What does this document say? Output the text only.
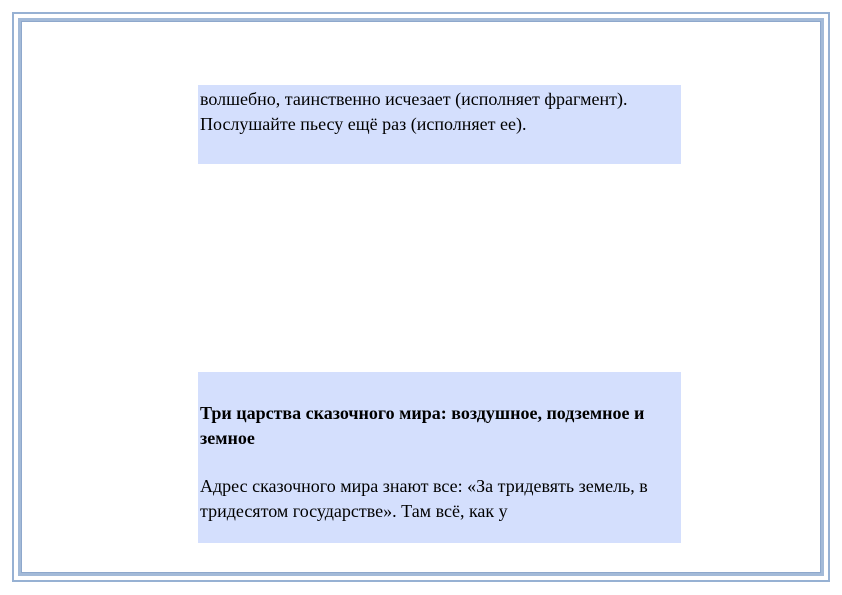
волшебно, таинственно исчезает (исполняет фрагмент). Послушайте пьесу ещё раз (исполняет ее).

Три царства сказочного мира: воздушное, подземное и земное

Адрес сказочного мира знают все: «За тридевять земель, в тридесятом государстве». Там всё, как у
